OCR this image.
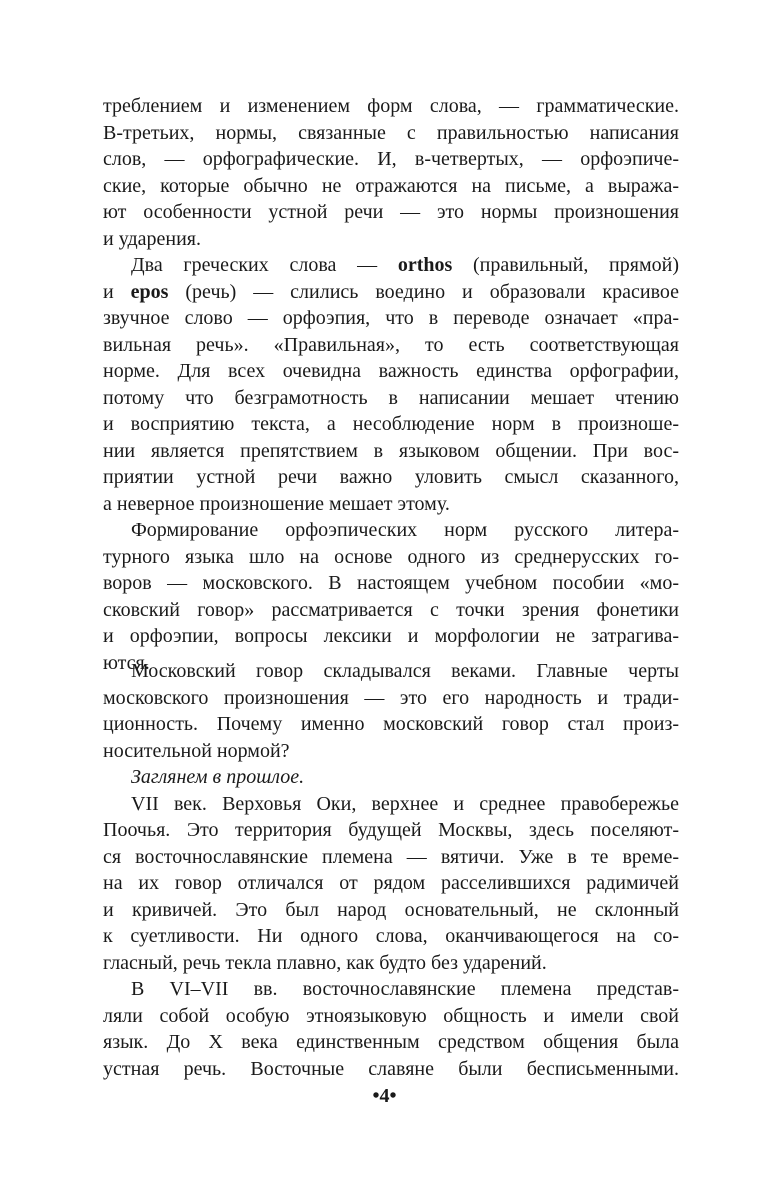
треблением и изменением форм слова, — грамматические.
В-третьих, нормы, связанные с правильностью написания
слов, — орфографические. И, в-четвертых, — орфоэпиче-
ские, которые обычно не отражаются на письме, а выража-
ют особенности устной речи — это нормы произношения
и ударения.
Два греческих слова — orthos (правильный, прямой)
и epos (речь) — слились воедино и образовали красивое
звучное слово — орфоэпия, что в переводе означает «пра-
вильная речь». «Правильная», то есть соответствующая
норме. Для всех очевидна важность единства орфографии,
потому что безграмотность в написании мешает чтению
и восприятию текста, а несоблюдение норм в произноше-
нии является препятствием в языковом общении. При вос-
приятии устной речи важно уловить смысл сказанного,
а неверное произношение мешает этому.
Формирование орфоэпических норм русского литера-
турного языка шло на основе одного из среднерусских го-
воров — московского. В настоящем учебном пособии «мо-
сковский говор» рассматривается с точки зрения фонетики
и орфоэпии, вопросы лексики и морфологии не затрагива-
ются.
Московский говор складывался веками. Главные черты
московского произношения — это его народность и тради-
ционность. Почему именно московский говор стал произ-
носительной нормой?
Заглянем в прошлое.
VII век. Верховья Оки, верхнее и среднее правобережье
Поочья. Это территория будущей Москвы, здесь поселяют-
ся восточнославянские племена — вятичи. Уже в те време-
на их говор отличался от рядом расселившихся радимичей
и кривичей. Это был народ основательный, не склонный
к суетливости. Ни одного слова, оканчивающегося на со-
гласный, речь текла плавно, как будто без ударений.
В VI–VII вв. восточнославянские племена представ-
ляли собой особую этноязыковую общность и имели свой
язык. До X века единственным средством общения была
устная речь. Восточные славяне были бесписьменными.
•4•
